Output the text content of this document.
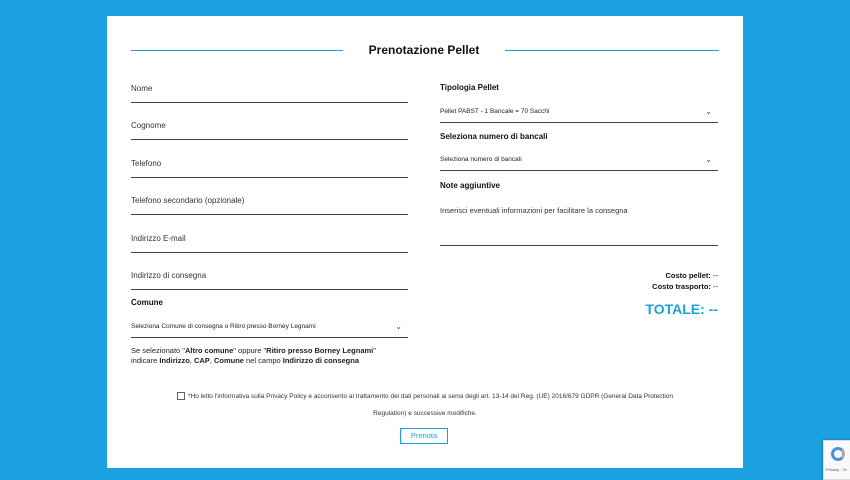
Prenotazione Pellet
Nome
Cognome
Telefono
Telefono secondario (opzionale)
Indirizzo E-mail
Indirizzo di consegna
Comune
Seleziona Comune di consegna o Ritiro presso Borney Legnami	⌄
Se selezionato "Altro comune" oppure "Ritiro presso Borney Legnami"
indicare Indirizzo, CAP, Comune nel campo Indirizzo di consegna
Tipologia Pellet
Pellet PABST - 1 Bancale = 70 Sacchi	⌄
Seleziona numero di bancali
Seleziona numero di bancali	⌄
Note aggiuntive
Inserisci eventuali informazioni per facilitare la consegna
Costo pellet: --
Costo trasporto: --
TOTALE: --
*Ho letto l'informativa sulla Privacy Policy e acconsento al trattamento dei dati personali ai sensi degli art. 13-14 del Reg. (UE) 2016/679 GDPR (General Data Protection
Regulation) e successive modifiche.
Prenota
Privacy - Te
